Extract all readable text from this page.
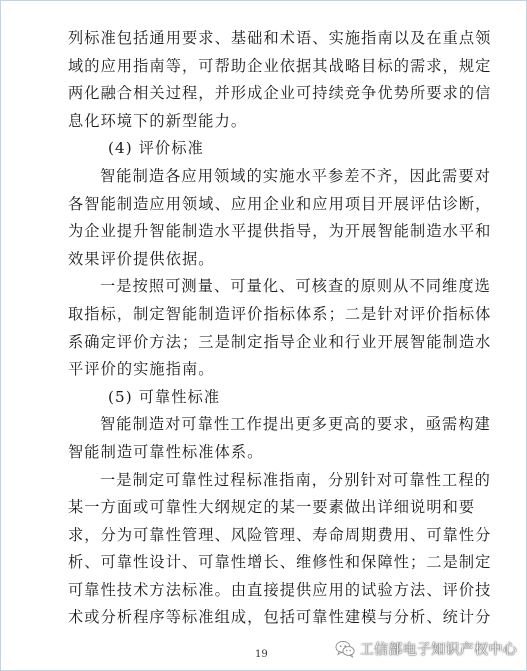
列标准包括通用要求、基础和术语、实施指南以及在重点领
域的应用指南等，可帮助企业依据其战略目标的需求，规定
两化融合相关过程，并形成企业可持续竞争优势所要求的信
息化环境下的新型能力。
(4) 评价标准
智能制造各应用领域的实施水平参差不齐，因此需要对
各智能制造应用领域、应用企业和应用项目开展评估诊断，
为企业提升智能制造水平提供指导，为开展智能制造水平和
效果评价提供依据。
一是按照可测量、可量化、可核查的原则从不同维度选
取指标，制定智能制造评价指标体系；二是针对评价指标体
系确定评价方法；三是制定指导企业和行业开展智能制造水
平评价的实施指南。
(5) 可靠性标准
智能制造对可靠性工作提出更多更高的要求，亟需构建
智能制造可靠性标准体系。
一是制定可靠性过程标准指南，分别针对可靠性工程的
某一方面或可靠性大纲规定的某一要素做出详细说明和要
求，分为可靠性管理、风险管理、寿命周期费用、可靠性分
析、可靠性设计、可靠性增长、维修性和保障性；二是制定
可靠性技术方法标准。由直接提供应用的试验方法、评价技
术或分析程序等标准组成，包括可靠性建模与分析、统计分
19	工信部电子知识产权中心
